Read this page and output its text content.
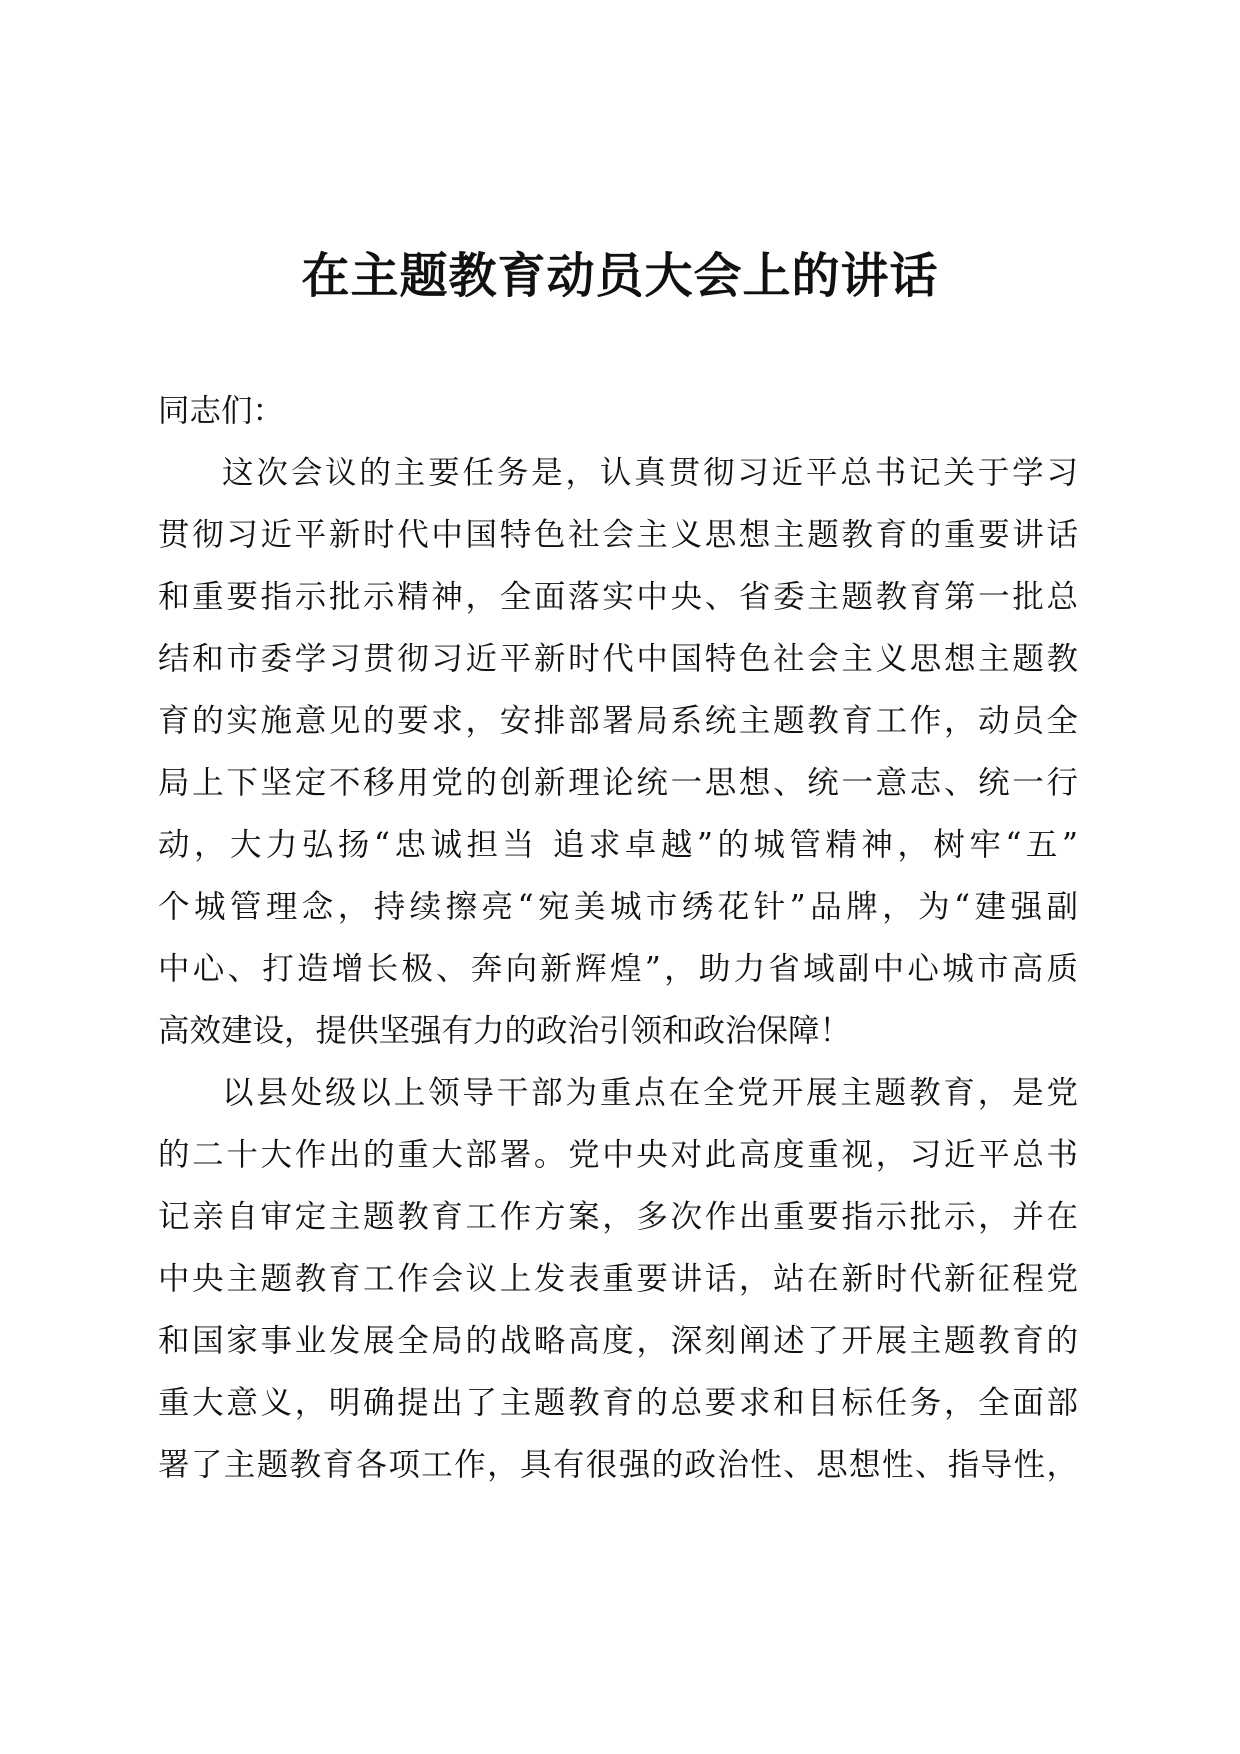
在主题教育动员大会上的讲话
同志们：
这次会议的主要任务是，认真贯彻习近平总书记关于学习
贯彻习近平新时代中国特色社会主义思想主题教育的重要讲话
和重要指示批示精神，全面落实中央、省委主题教育第一批总
结和市委学习贯彻习近平新时代中国特色社会主义思想主题教
育的实施意见的要求，安排部署局系统主题教育工作，动员全
局上下坚定不移用党的创新理论统一思想、统一意志、统一行
动，大力弘扬“忠诚担当 追求卓越”的城管精神，树牢“五”
个城管理念，持续擦亮“宛美城市绣花针”品牌，为“建强副
中心、打造增长极、奔向新辉煌”，助力省域副中心城市高质
高效建设，提供坚强有力的政治引领和政治保障！
以县处级以上领导干部为重点在全党开展主题教育，是党
的二十大作出的重大部署。党中央对此高度重视，习近平总书
记亲自审定主题教育工作方案，多次作出重要指示批示，并在
中央主题教育工作会议上发表重要讲话，站在新时代新征程党
和国家事业发展全局的战略高度，深刻阐述了开展主题教育的
重大意义，明确提出了主题教育的总要求和目标任务，全面部
署了主题教育各项工作，具有很强的政治性、思想性、指导性，
